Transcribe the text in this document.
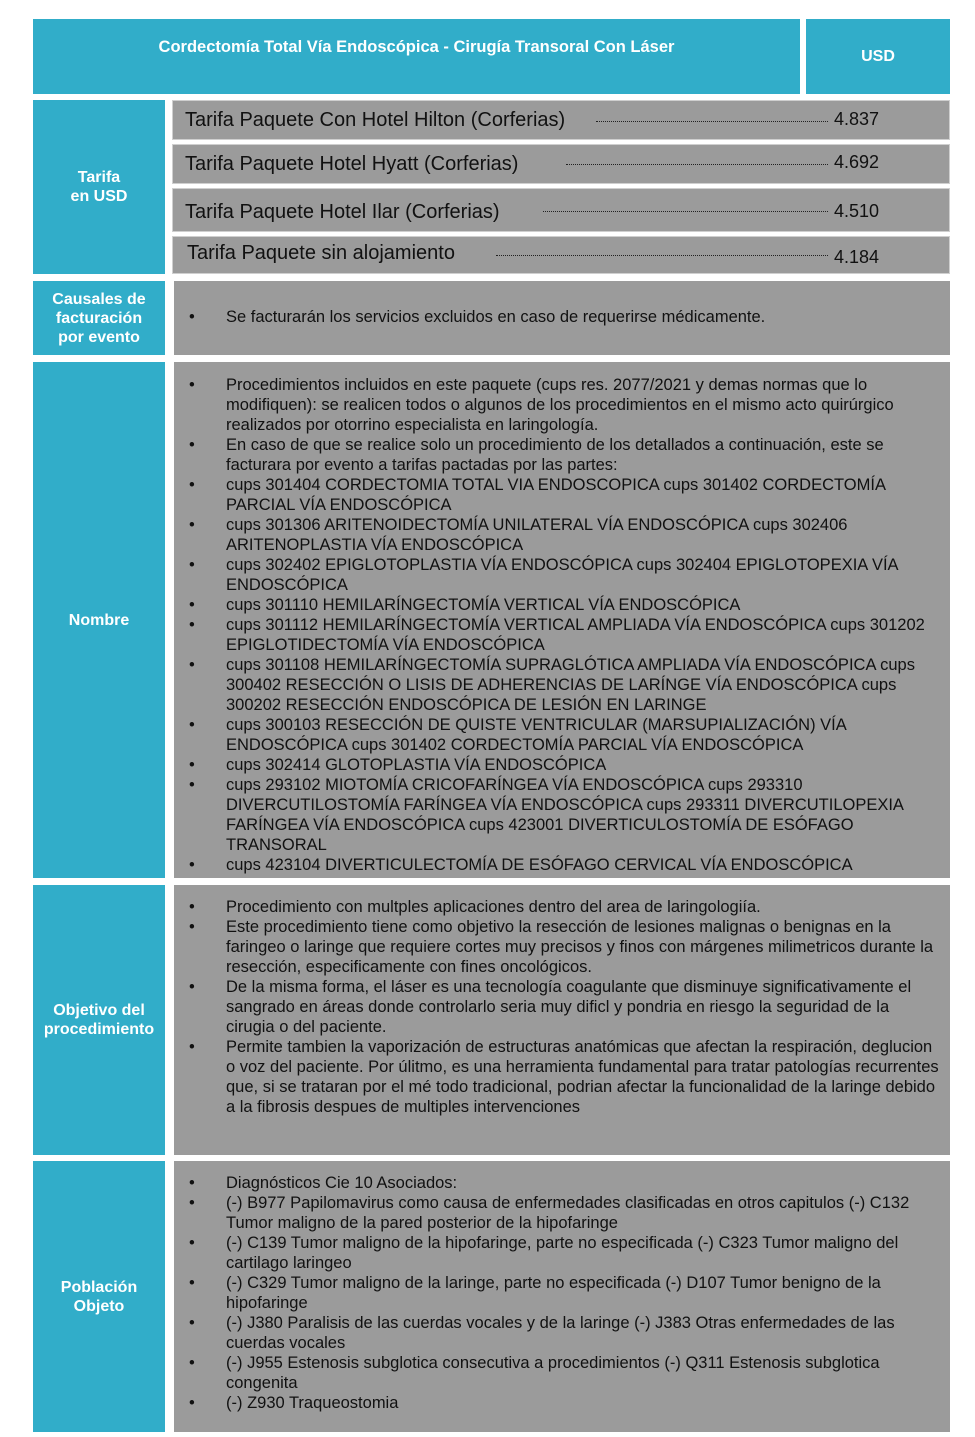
Cordectomía Total Vía Endoscópica - Cirugía Transoral Con Láser
USD
Tarifa
en USD
Tarifa Paquete Con Hotel Hilton (Corferias)	4.837
Tarifa Paquete Hotel Hyatt (Corferias)	4.692
Tarifa Paquete Hotel Ilar (Corferias)	4.510
Tarifa Paquete sin alojamiento	4.184
Causales de
facturación
por evento
• Se facturarán los servicios excluidos en caso de requerirse médicamente.
Nombre
• Procedimientos incluidos en este paquete (cups res. 2077/2021 y demas normas que lo modifiquen): se realicen todos o algunos de los procedimientos en el mismo acto quirúrgico realizados por otorrino especialista en laringología.
• En caso de que se realice solo un procedimiento de los detallados a continuación, este se facturara por evento a tarifas pactadas por las partes:
• cups 301404 CORDECTOMIA TOTAL VIA ENDOSCOPICA cups 301402 CORDECTOMÍA PARCIAL VÍA ENDOSCÓPICA
• cups 301306 ARITENOIDECTOMÍA UNILATERAL VÍA ENDOSCÓPICA cups 302406 ARITENOPLASTIA VÍA ENDOSCÓPICA
• cups 302402 EPIGLOTOPLASTIA VÍA ENDOSCÓPICA cups 302404 EPIGLOTOPEXIA VÍA ENDOSCÓPICA
• cups 301110 HEMILARÍNGECTOMÍA VERTICAL VÍA ENDOSCÓPICA
• cups 301112 HEMILARÍNGECTOMÍA VERTICAL AMPLIADA VÍA ENDOSCÓPICA cups 301202 EPIGLOTIDECTOMÍA VÍA ENDOSCÓPICA
• cups 301108 HEMILARÍNGECTOMÍA SUPRAGLÓTICA AMPLIADA VÍA ENDOSCÓPICA cups 300402 RESECCIÓN O LISIS DE ADHERENCIAS DE LARÍNGE VÍA ENDOSCÓPICA cups 300202 RESECCIÓN ENDOSCÓPICA DE LESIÓN EN LARINGE
• cups 300103 RESECCIÓN DE QUISTE VENTRICULAR (MARSUPIALIZACIÓN) VÍA ENDOSCÓPICA cups 301402 CORDECTOMÍA PARCIAL VÍA ENDOSCÓPICA
• cups 302414 GLOTOPLASTIA VÍA ENDOSCÓPICA
• cups 293102 MIOTOMÍA CRICOFARÍNGEA VÍA ENDOSCÓPICA cups 293310 DIVERCUTILOSTOMÍA FARÍNGEA VÍA ENDOSCÓPICA cups 293311 DIVERCUTILOPEXIA FARÍNGEA VÍA ENDOSCÓPICA cups 423001 DIVERTICULOSTOMÍA DE ESÓFAGO TRANSORAL
• cups 423104 DIVERTICULECTOMÍA DE ESÓFAGO CERVICAL VÍA ENDOSCÓPICA
Objetivo del
procedimiento
• Procedimiento con multples aplicaciones dentro del area de laringologiía.
• Este procedimiento tiene como objetivo la resección de lesiones malignas o benignas en la faringeo o laringe que requiere cortes muy precisos y finos con márgenes milimetricos durante la resección, especificamente con fines oncológicos.
• De la misma forma, el láser es una tecnología coagulante que disminuye significativamente el sangrado en áreas donde controlarlo seria muy dificl y pondria en riesgo la seguridad de la cirugia o del paciente.
• Permite tambien la vaporización de estructuras anatómicas que afectan la respiración, deglucion o voz del paciente. Por úlitmo, es una herramienta fundamental para tratar patologías recurrentes que, si se trataran por el mé todo tradicional, podrian afectar la funcionalidad de la laringe debido a la fibrosis despues de multiples intervenciones
Población
Objeto
• Diagnósticos Cie 10 Asociados:
• (-) B977 Papilomavirus como causa de enfermedades clasificadas en otros capitulos (-) C132 Tumor maligno de la pared posterior de la hipofaringe
• (-) C139 Tumor maligno de la hipofaringe, parte no especificada (-) C323 Tumor maligno del cartilago laringeo
• (-) C329 Tumor maligno de la laringe, parte no especificada (-) D107 Tumor benigno de la hipofaringe
• (-) J380 Paralisis de las cuerdas vocales y de la laringe (-) J383 Otras enfermedades de las cuerdas vocales
• (-) J955 Estenosis subglotica consecutiva a procedimientos (-) Q311 Estenosis subglotica congenita
• (-) Z930 Traqueostomia
